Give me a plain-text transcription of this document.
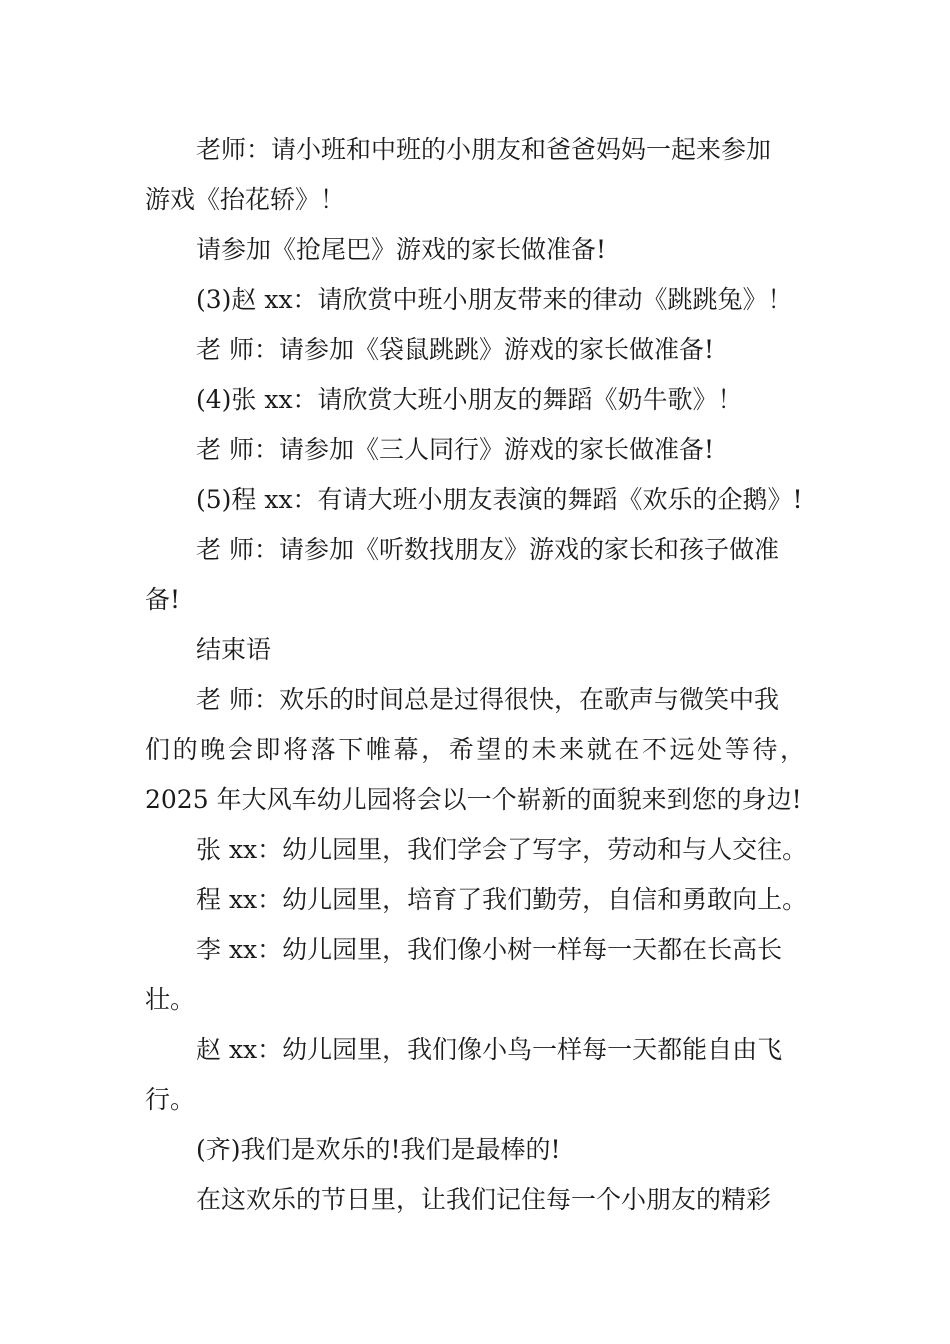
老师：请小班和中班的小朋友和爸爸妈妈一起来参加
游戏《抬花轿》！
请参加《抢尾巴》游戏的家长做准备!
(3)赵 xx：请欣赏中班小朋友带来的律动《跳跳兔》！
老 师：请参加《袋鼠跳跳》游戏的家长做准备!
(4)张 xx：请欣赏大班小朋友的舞蹈《奶牛歌》！
老 师：请参加《三人同行》游戏的家长做准备!
(5)程 xx：有请大班小朋友表演的舞蹈《欢乐的企鹅》!
老 师：请参加《听数找朋友》游戏的家长和孩子做准
备!
结束语
老 师：欢乐的时间总是过得很快，在歌声与微笑中我
们的晚会即将落下帷幕，希望的未来就在不远处等待，
2025 年大风车幼儿园将会以一个崭新的面貌来到您的身边!
张 xx：幼儿园里，我们学会了写字，劳动和与人交往。
程 xx：幼儿园里，培育了我们勤劳，自信和勇敢向上。
李 xx：幼儿园里，我们像小树一样每一天都在长高长
壮。
赵 xx：幼儿园里，我们像小鸟一样每一天都能自由飞
行。
(齐)我们是欢乐的!我们是最棒的!
在这欢乐的节日里，让我们记住每一个小朋友的精彩
